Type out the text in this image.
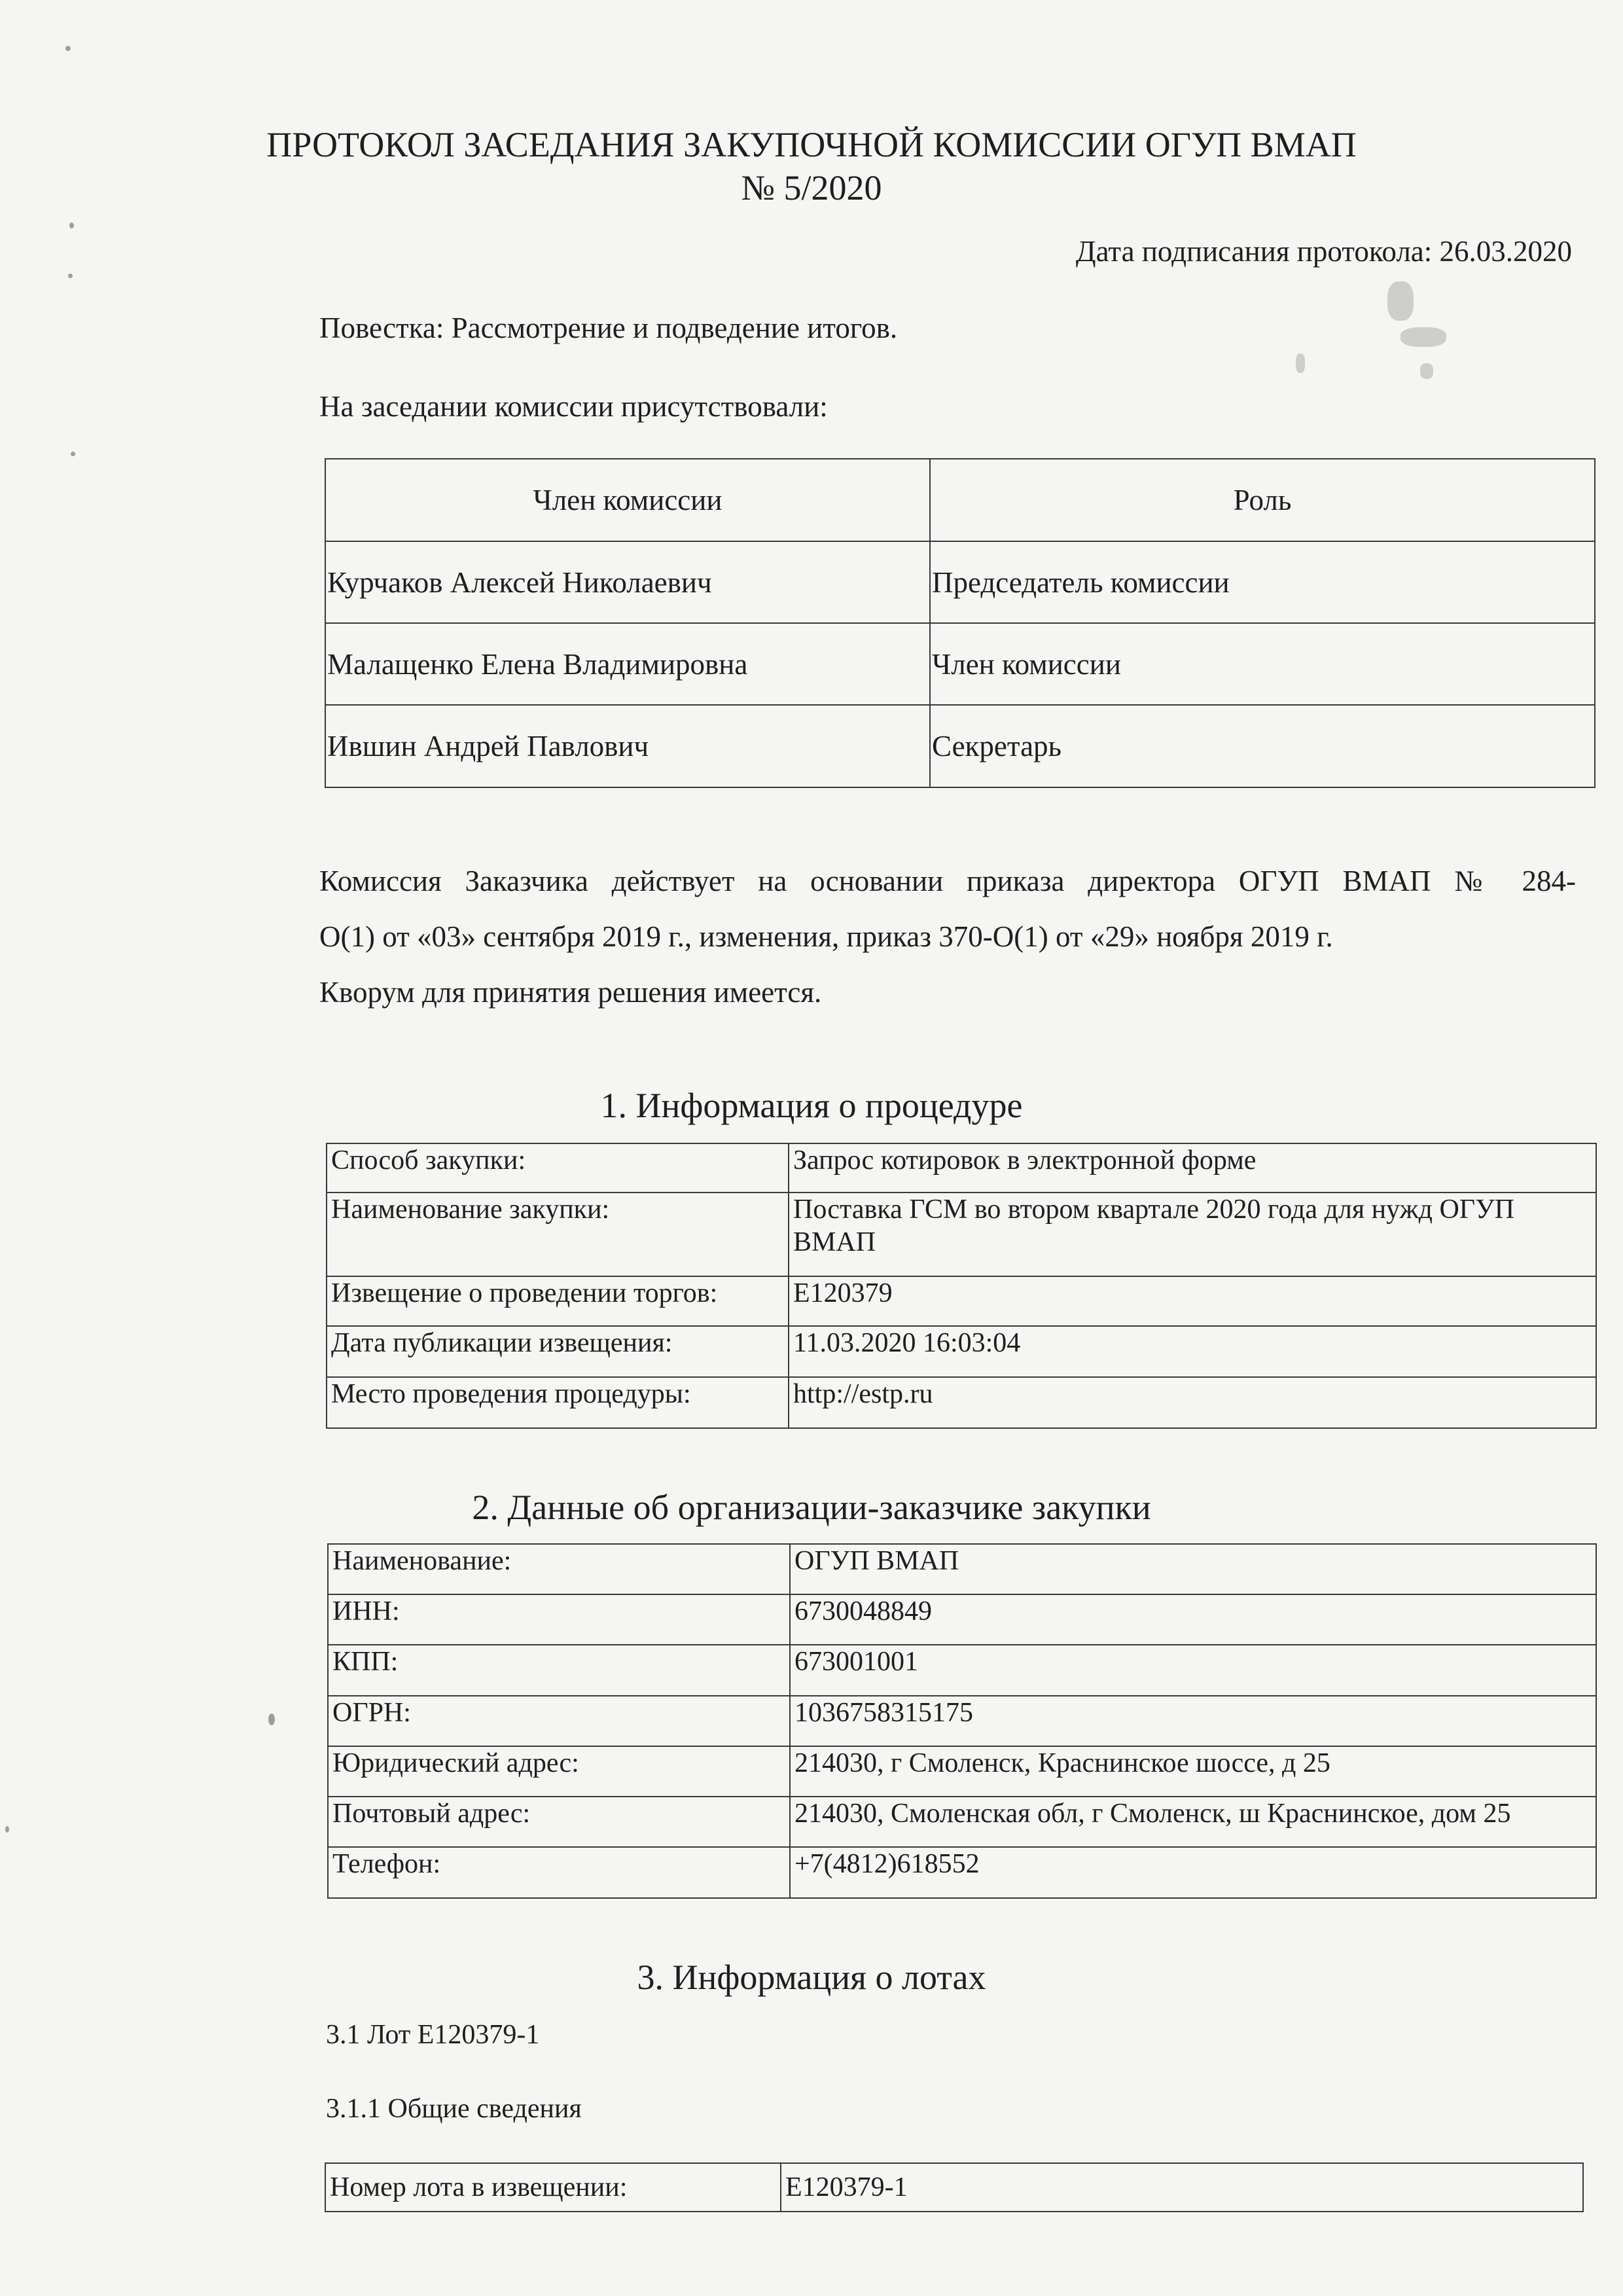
ПРОТОКОЛ ЗАСЕДАНИЯ ЗАКУПОЧНОЙ КОМИССИИ ОГУП ВМАП
№ 5/2020
Дата подписания протокола: 26.03.2020
Повестка: Рассмотрение и подведение итогов.
На заседании комиссии присутствовали:
Член комиссии	Роль
Курчаков Алексей Николаевич	Председатель комиссии
Малащенко Елена Владимировна	Член комиссии
Ившин Андрей Павлович	Секретарь
Комиссия Заказчика действует на основании приказа директора ОГУП ВМАП № 284-
О(1) от «03» сентября 2019 г., изменения, приказ 370-О(1) от «29» ноября 2019 г.
Кворум для принятия решения имеется.
1. Информация о процедуре
Способ закупки:	Запрос котировок в электронной форме
Наименование закупки:	Поставка ГСМ во втором квартале 2020 года для нужд ОГУП
ВМАП

Извещение о проведении торгов:	Е120379
Дата публикации извещения:	11.03.2020 16:03:04
Место проведения процедуры:	http://estp.ru
2. Данные об организации-заказчике закупки
Наименование:	ОГУП ВМАП
ИНН:	6730048849
КПП:	673001001
ОГРН:	1036758315175
Юридический адрес:	214030, г Смоленск, Краснинское шоссе, д 25
Почтовый адрес:	214030, Смоленская обл, г Смоленск, ш Краснинское, дом 25
Телефон:	+7(4812)618552
3. Информация о лотах
3.1 Лот Е120379-1
3.1.1 Общие сведения
Номер лота в извещении:	Е120379-1
